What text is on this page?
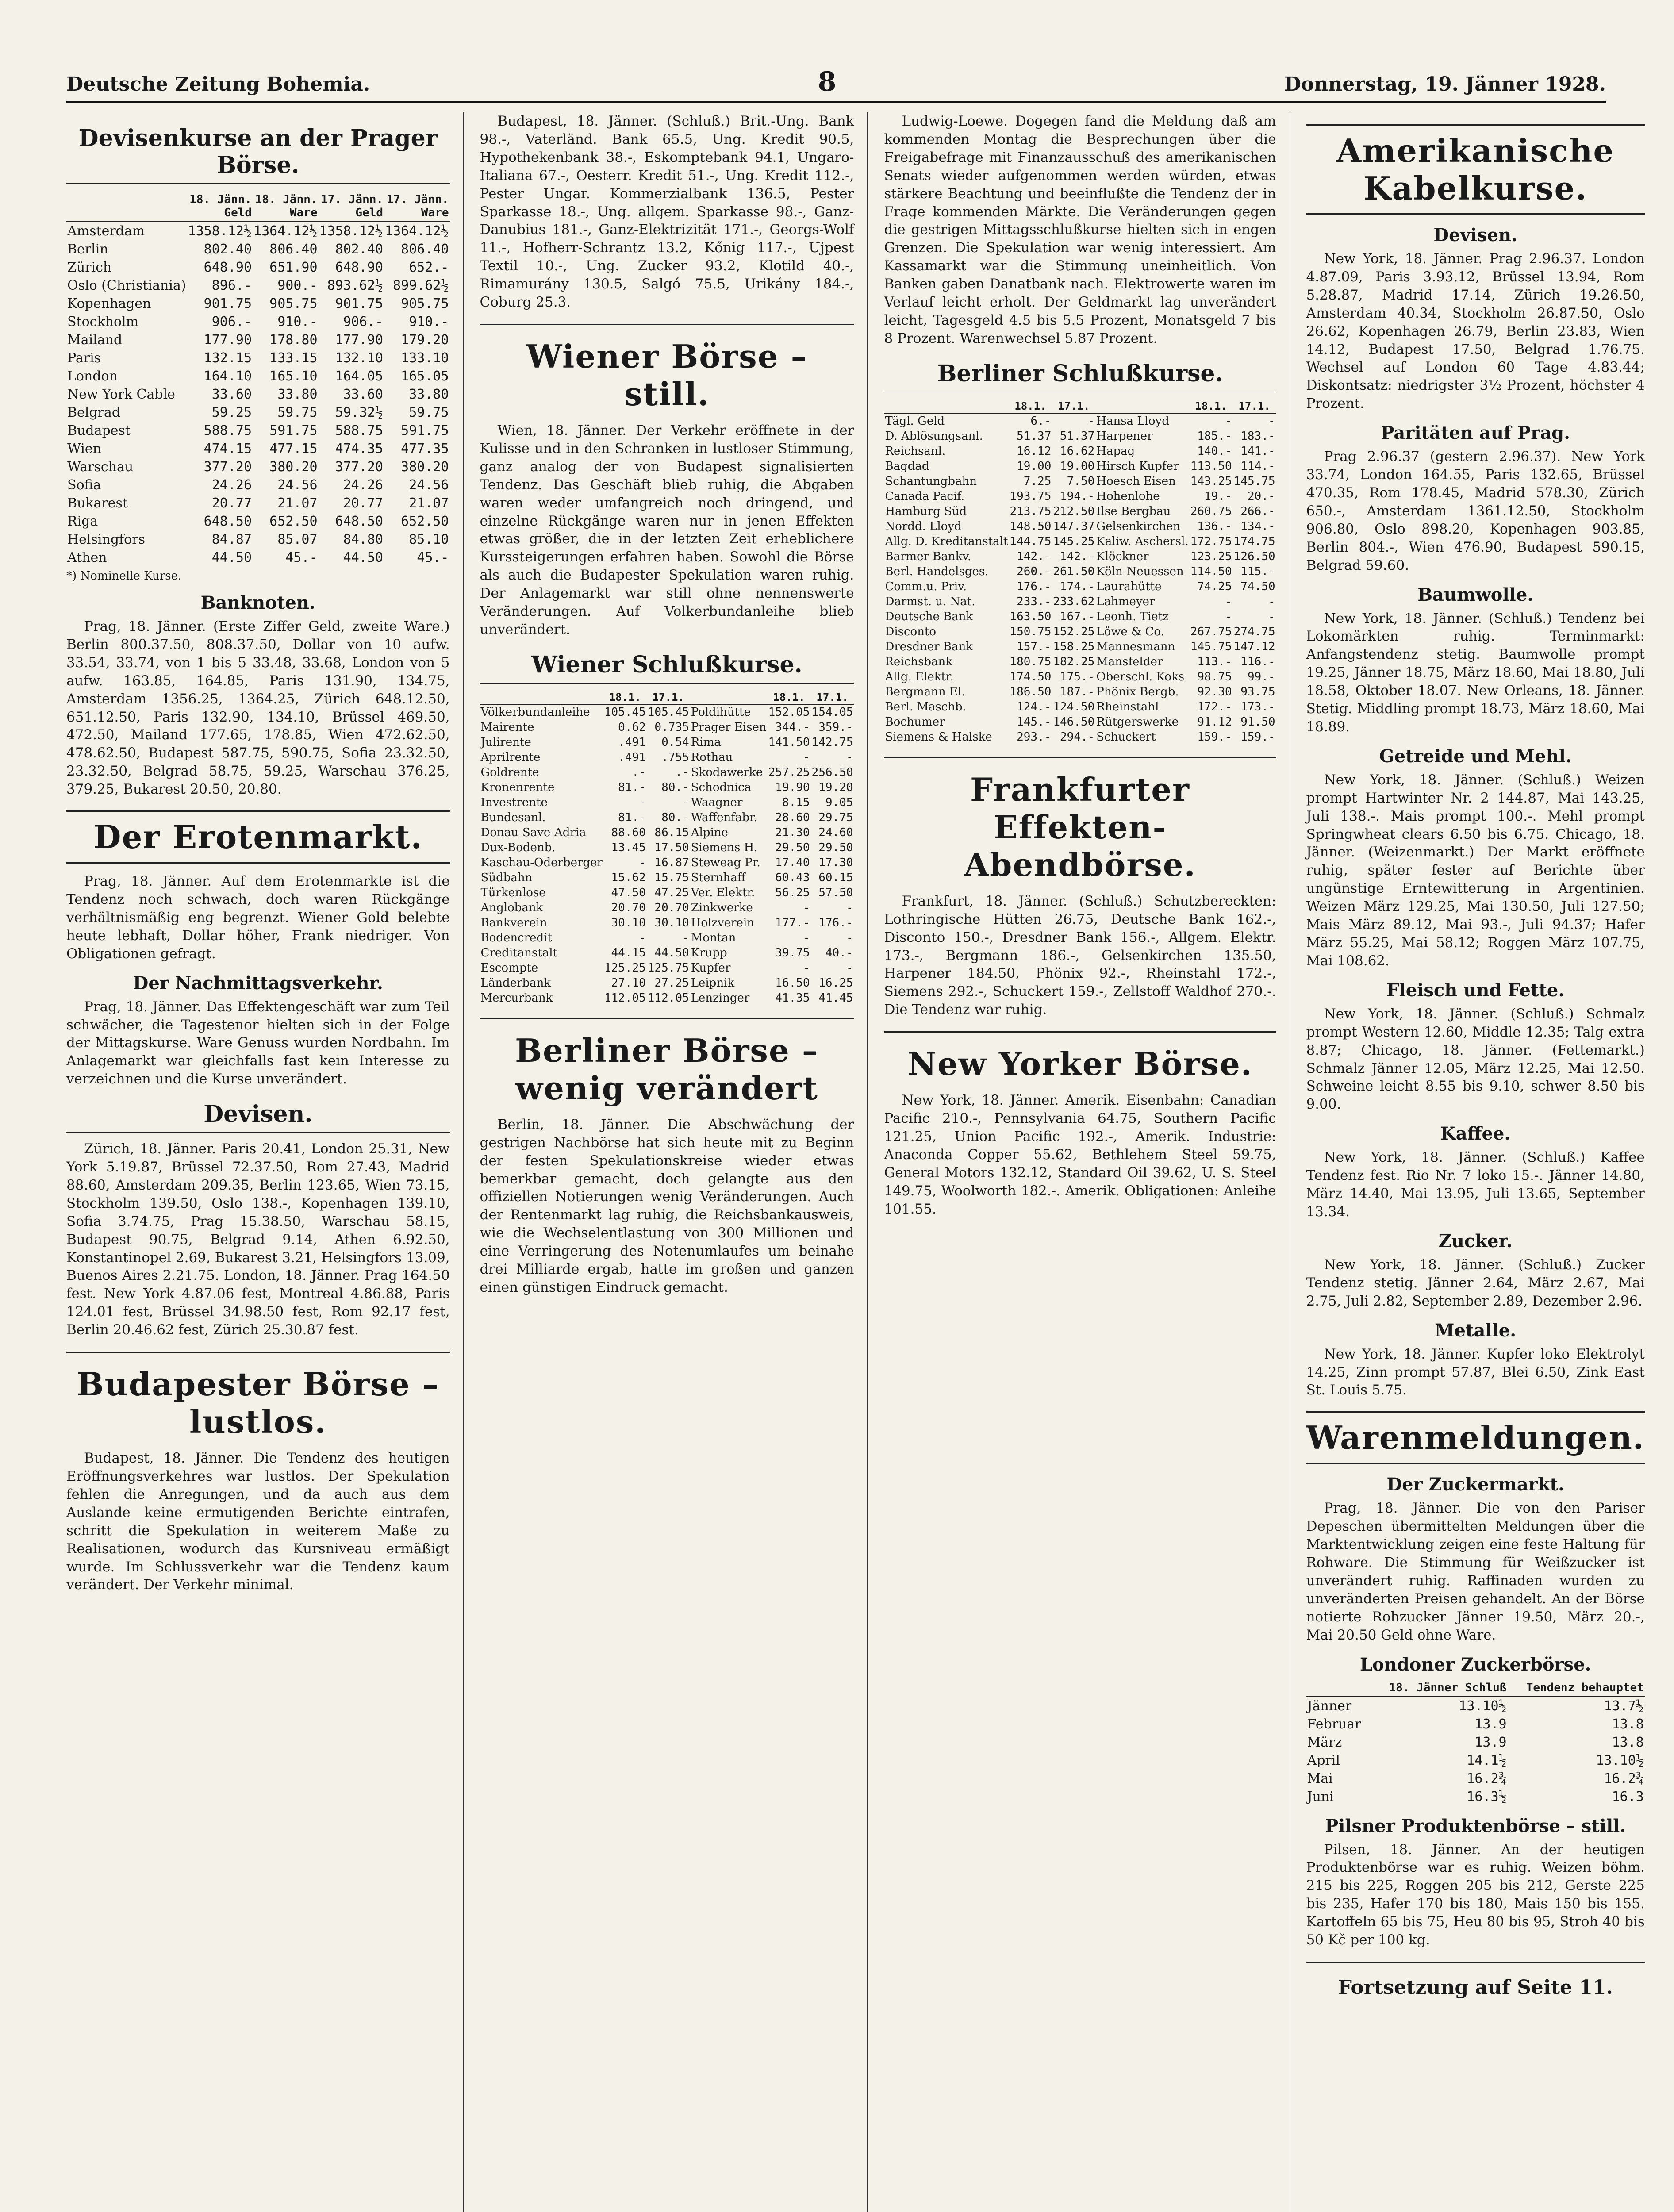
Deutsche Zeitung Bohemia.	8	Donnerstag, 19. Jänner 1928.
Devisenkurse an der Prager Börse.
	18. Jänn. Geld	18. Jänn. Ware	17. Jänn. Geld	17. Jänn. Ware
Amsterdam	1358.12½	1364.12½	1358.12½	1364.12½
Berlin	802.40	806.40	802.40	806.40
Zürich	648.90	651.90	648.90	652.-
Oslo (Christiania)	896.-	900.-	893.62½	899.62½
Kopenhagen	901.75	905.75	901.75	905.75
Stockholm	906.-	910.-	906.-	910.-
Mailand	177.90	178.80	177.90	179.20
Paris	132.15	133.15	132.10	133.10
London	164.10	165.10	164.05	165.05
New York Cable	33.60	33.80	33.60	33.80
Belgrad	59.25	59.75	59.32½	59.75
Budapest	588.75	591.75	588.75	591.75
Wien	474.15	477.15	474.35	477.35
Warschau	377.20	380.20	377.20	380.20
Sofia	24.26	24.56	24.26	24.56
Bukarest	20.77	21.07	20.77	21.07
Riga	648.50	652.50	648.50	652.50
Helsingfors	84.87	85.07	84.80	85.10
Athen	44.50	45.-	44.50	45.-
*) Nominelle Kurse.
Banknoten.

Prag, 18. Jänner. (Erste Ziffer Geld, zweite Ware.) Berlin 800.37.50, 808.37.50, Dollar von 10 aufw. 33.54, 33.74, von 1 bis 5 33.48, 33.68, London von 5 aufw. 163.85, 164.85, Paris 131.90, 134.75, Amsterdam 1356.25, 1364.25, Zürich 648.12.50, 651.12.50, Paris 132.90, 134.10, Brüssel 469.50, 472.50, Mailand 177.65, 178.85, Wien 472.62.50, 478.62.50, Budapest 587.75, 590.75, Sofia 23.32.50, 23.32.50, Belgrad 58.75, 59.25, Warschau 376.25, 379.25, Bukarest 20.50, 20.80.

Der Erotenmarkt.

Prag, 18. Jänner. Auf dem Erotenmarkte ist die Tendenz noch schwach, doch waren Rückgänge verhältnismäßig eng begrenzt. Wiener Gold belebte heute lebhaft, Dollar höher, Frank niedriger. Von Obligationen gefragt.

Der Nachmittagsverkehr.

Prag, 18. Jänner. Das Effektengeschäft war zum Teil schwächer, die Tagestenor hielten sich in der Folge der Mittagskurse. Ware Genuss wurden Nordbahn. Im Anlagemarkt war gleichfalls fast kein Interesse zu verzeichnen und die Kurse unverändert.

Devisen.

Zürich, 18. Jänner. Paris 20.41, London 25.31, New York 5.19.87, Brüssel 72.37.50, Rom 27.43, Madrid 88.60, Amsterdam 209.35, Berlin 123.65, Wien 73.15, Stockholm 139.50, Oslo 138.-, Kopenhagen 139.10, Sofia 3.74.75, Prag 15.38.50, Warschau 58.15, Budapest 90.75, Belgrad 9.14, Athen 6.92.50, Konstantinopel 2.69, Bukarest 3.21, Helsingfors 13.09, Buenos Aires 2.21.75. London, 18. Jänner. Prag 164.50 fest. New York 4.87.06 fest, Montreal 4.86.88, Paris 124.01 fest, Brüssel 34.98.50 fest, Rom 92.17 fest, Berlin 20.46.62 fest, Zürich 25.30.87 fest.

Budapester Börse – lustlos.

Budapest, 18. Jänner. Die Tendenz des heutigen Eröffnungsverkehres war lustlos. Der Spekulation fehlen die Anregungen, und da auch aus dem Auslande keine ermutigenden Berichte eintrafen, schritt die Spekulation in weiterem Maße zu Realisationen, wodurch das Kursniveau ermäßigt wurde. Im Schlussverkehr war die Tendenz kaum verändert. Der Verkehr minimal.

Budapest, 18. Jänner. (Schluß.) Brit.-Ung. Bank 98.-, Vaterländ. Bank 65.5, Ung. Kredit 90.5, Hypothekenbank 38.-, Eskomptebank 94.1, Ungaro-Italiana 67.-, Oesterr. Kredit 51.-, Ung. Kredit 112.-, Pester Ungar. Kommerzialbank 136.5, Pester Sparkasse 18.-, Ung. allgem. Sparkasse 98.-, Ganz-Danubius 181.-, Ganz-Elektrizität 171.-, Georgs-Wolf 11.-, Hofherr-Schrantz 13.2, Kőnig 117.-, Ujpest Textil 10.-, Ung. Zucker 93.2, Klotild 40.-, Rimamurány 130.5, Salgó 75.5, Urikány 184.-, Coburg 25.3.

Wiener Börse – still.

Wien, 18. Jänner. Der Verkehr eröffnete in der Kulisse und in den Schranken in lustloser Stimmung, ganz analog der von Budapest signalisierten Tendenz. Das Geschäft blieb ruhig, die Abgaben waren weder umfangreich noch dringend, und einzelne Rückgänge waren nur in jenen Effekten etwas größer, die in der letzten Zeit erheblichere Kurssteigerungen erfahren haben. Sowohl die Börse als auch die Budapester Spekulation waren ruhig. Der Anlagemarkt war still ohne nennenswerte Veränderungen. Auf Volkerbundanleihe blieb unverändert.

Wiener Schlußkurse.
	18.1.	17.1.		18.1.	17.1.
Völkerbundanleihe	105.45	105.45	Poldihütte	152.05	154.05
Mairente	0.62	0.735	Prager Eisen	344.-	359.-
Julirente	.491	0.54	Rima	141.50	142.75
Aprilrente	.491	.755	Rothau	-	-
Goldrente	.-	.-	Skodawerke	257.25	256.50
Kronenrente	81.-	80.-	Schodnica	19.90	19.20
Investrente	-	-	Waagner	8.15	9.05
Bundesanl.	81.-	80.-	Waffenfabr.	28.60	29.75
Donau-Save-Adria	88.60	86.15	Alpine	21.30	24.60
Dux-Bodenb.	13.45	17.50	Siemens H.	29.50	29.50
Kaschau-Oderberger	-	16.87	Steweag Pr.	17.40	17.30
Südbahn	15.62	15.75	Sternhaff	60.43	60.15
Türkenlose	47.50	47.25	Ver. Elektr.	56.25	57.50
Anglobank	20.70	20.70	Zinkwerke	-	-
Bankverein	30.10	30.10	Holzverein	177.-	176.-
Bodencredit	-	-	Montan	-	-
Creditanstalt	44.15	44.50	Krupp	39.75	40.-
Escompte	125.25	125.75	Kupfer	-	-
Länderbank	27.10	27.25	Leipnik	16.50	16.25
Mercurbank	112.05	112.05	Lenzinger	41.35	41.45
Berliner Börse – wenig verändert

Berlin, 18. Jänner. Die Abschwächung der gestrigen Nachbörse hat sich heute mit zu Beginn der festen Spekulationskreise wieder etwas bemerkbar gemacht, doch gelangte aus den offiziellen Notierungen wenig Veränderungen. Auch der Rentenmarkt lag ruhig, die Reichsbankausweis, wie die Wechselentlastung von 300 Millionen und eine Verringerung des Notenumlaufes um beinahe drei Milliarde ergab, hatte im großen und ganzen einen günstigen Eindruck gemacht.

Ludwig-Loewe. Dogegen fand die Meldung daß am kommenden Montag die Besprechungen über die Freigabefrage mit Finanzausschuß des amerikanischen Senats wieder aufgenommen werden würden, etwas stärkere Beachtung und beeinflußte die Tendenz der in Frage kommenden Märkte. Die Veränderungen gegen die gestrigen Mittagsschlußkurse hielten sich in engen Grenzen. Die Spekulation war wenig interessiert. Am Kassamarkt war die Stimmung uneinheitlich. Von Banken gaben Danatbank nach. Elektrowerte waren im Verlauf leicht erholt. Der Geldmarkt lag unverändert leicht, Tagesgeld 4.5 bis 5.5 Prozent, Monatsgeld 7 bis 8 Prozent. Warenwechsel 5.87 Prozent.

Berliner Schlußkurse.
	18.1.	17.1.		18.1.	17.1.
Tägl. Geld	6.-	-	Hansa Lloyd	-	-
D. Ablösungsanl.	51.37	51.37	Harpener	185.-	183.-
Reichsanl.	16.12	16.62	Hapag	140.-	141.-
Bagdad	19.00	19.00	Hirsch Kupfer	113.50	114.-
Schantungbahn	7.25	7.50	Hoesch Eisen	143.25	145.75
Canada Pacif.	193.75	194.-	Hohenlohe	19.-	20.-
Hamburg Süd	213.75	212.50	Ilse Bergbau	260.75	266.-
Nordd. Lloyd	148.50	147.37	Gelsenkirchen	136.-	134.-
Allg. D. Kreditanstalt	144.75	145.25	Kaliw. Aschersl.	172.75	174.75
Barmer Bankv.	142.-	142.-	Klöckner	123.25	126.50
Berl. Handelsges.	260.-	261.50	Köln-Neuessen	114.50	115.-
Comm.u. Priv.	176.-	174.-	Laurahütte	74.25	74.50
Darmst. u. Nat.	233.-	233.62	Lahmeyer	-	-
Deutsche Bank	163.50	167.-	Leonh. Tietz	-	-
Disconto	150.75	152.25	Löwe & Co.	267.75	274.75
Dresdner Bank	157.-	158.25	Mannesmann	145.75	147.12
Reichsbank	180.75	182.25	Mansfelder	113.-	116.-
Allg. Elektr.	174.50	175.-	Oberschl. Koks	98.75	99.-
Bergmann El.	186.50	187.-	Phönix Bergb.	92.30	93.75
Berl. Maschb.	124.-	124.50	Rheinstahl	172.-	173.-
Bochumer	145.-	146.50	Rütgerswerke	91.12	91.50
Siemens & Halske	293.-	294.-	Schuckert	159.-	159.-
Frankfurter Effekten-Abendbörse.

Frankfurt, 18. Jänner. (Schluß.) Schutzbereckten: Lothringische Hütten 26.75, Deutsche Bank 162.-, Disconto 150.-, Dresdner Bank 156.-, Allgem. Elektr. 173.-, Bergmann 186.-, Gelsenkirchen 135.50, Harpener 184.50, Phönix 92.-, Rheinstahl 172.-, Siemens 292.-, Schuckert 159.-, Zellstoff Waldhof 270.-. Die Tendenz war ruhig.

New Yorker Börse.

New York, 18. Jänner. Amerik. Eisenbahn: Canadian Pacific 210.-, Pennsylvania 64.75, Southern Pacific 121.25, Union Pacific 192.-, Amerik. Industrie: Anaconda Copper 55.62, Bethlehem Steel 59.75, General Motors 132.12, Standard Oil 39.62, U. S. Steel 149.75, Woolworth 182.-. Amerik. Obligationen: Anleihe 101.55.

Amerikanische Kabelkurse.
Devisen.

New York, 18. Jänner. Prag 2.96.37. London 4.87.09, Paris 3.93.12, Brüssel 13.94, Rom 5.28.87, Madrid 17.14, Zürich 19.26.50, Amsterdam 40.34, Stockholm 26.87.50, Oslo 26.62, Kopenhagen 26.79, Berlin 23.83, Wien 14.12, Budapest 17.50, Belgrad 1.76.75. Wechsel auf London 60 Tage 4.83.44; Diskontsatz: niedrigster 3½ Prozent, höchster 4 Prozent.

Paritäten auf Prag.

Prag 2.96.37 (gestern 2.96.37). New York 33.74, London 164.55, Paris 132.65, Brüssel 470.35, Rom 178.45, Madrid 578.30, Zürich 650.-, Amsterdam 1361.12.50, Stockholm 906.80, Oslo 898.20, Kopenhagen 903.85, Berlin 804.-, Wien 476.90, Budapest 590.15, Belgrad 59.60.

Baumwolle.

New York, 18. Jänner. (Schluß.) Tendenz bei Lokomärkten ruhig. Terminmarkt: Anfangstendenz stetig. Baumwolle prompt 19.25, Jänner 18.75, März 18.60, Mai 18.80, Juli 18.58, Oktober 18.07. New Orleans, 18. Jänner. Stetig. Middling prompt 18.73, März 18.60, Mai 18.89.

Getreide und Mehl.

New York, 18. Jänner. (Schluß.) Weizen prompt Hartwinter Nr. 2 144.87, Mai 143.25, Juli 138.-. Mais prompt 100.-. Mehl prompt Springwheat clears 6.50 bis 6.75. Chicago, 18. Jänner. (Weizenmarkt.) Der Markt eröffnete ruhig, später fester auf Berichte über ungünstige Erntewitterung in Argentinien. Weizen März 129.25, Mai 130.50, Juli 127.50; Mais März 89.12, Mai 93.-, Juli 94.37; Hafer März 55.25, Mai 58.12; Roggen März 107.75, Mai 108.62.

Fleisch und Fette.

New York, 18. Jänner. (Schluß.) Schmalz prompt Western 12.60, Middle 12.35; Talg extra 8.87; Chicago, 18. Jänner. (Fettemarkt.) Schmalz Jänner 12.05, März 12.25, Mai 12.50. Schweine leicht 8.55 bis 9.10, schwer 8.50 bis 9.00.

Kaffee.

New York, 18. Jänner. (Schluß.) Kaffee Tendenz fest. Rio Nr. 7 loko 15.-. Jänner 14.80, März 14.40, Mai 13.95, Juli 13.65, September 13.34.

Zucker.

New York, 18. Jänner. (Schluß.) Zucker Tendenz stetig. Jänner 2.64, März 2.67, Mai 2.75, Juli 2.82, September 2.89, Dezember 2.96.

Metalle.

New York, 18. Jänner. Kupfer loko Elektrolyt 14.25, Zinn prompt 57.87, Blei 6.50, Zink East St. Louis 5.75.

Warenmeldungen.
Der Zuckermarkt.

Prag, 18. Jänner. Die von den Pariser Depeschen übermittelten Meldungen über die Marktentwicklung zeigen eine feste Haltung für Rohware. Die Stimmung für Weißzucker ist unverändert ruhig. Raffinaden wurden zu unveränderten Preisen gehandelt. An der Börse notierte Rohzucker Jänner 19.50, März 20.-, Mai 20.50 Geld ohne Ware.

Londoner Zuckerbörse.
	18. Jänner Schluß	Tendenz behauptet
Jänner	13.10½	13.7½
Februar	13.9	13.8
März	13.9	13.8
April	14.1½	13.10½
Mai	16.2¾	16.2¾
Juni	16.3½	16.3
Pilsner Produktenbörse – still.

Pilsen, 18. Jänner. An der heutigen Produktenbörse war es ruhig. Weizen böhm. 215 bis 225, Roggen 205 bis 212, Gerste 225 bis 235, Hafer 170 bis 180, Mais 150 bis 155. Kartoffeln 65 bis 75, Heu 80 bis 95, Stroh 40 bis 50 Kč per 100 kg.

Fortsetzung auf Seite 11.
